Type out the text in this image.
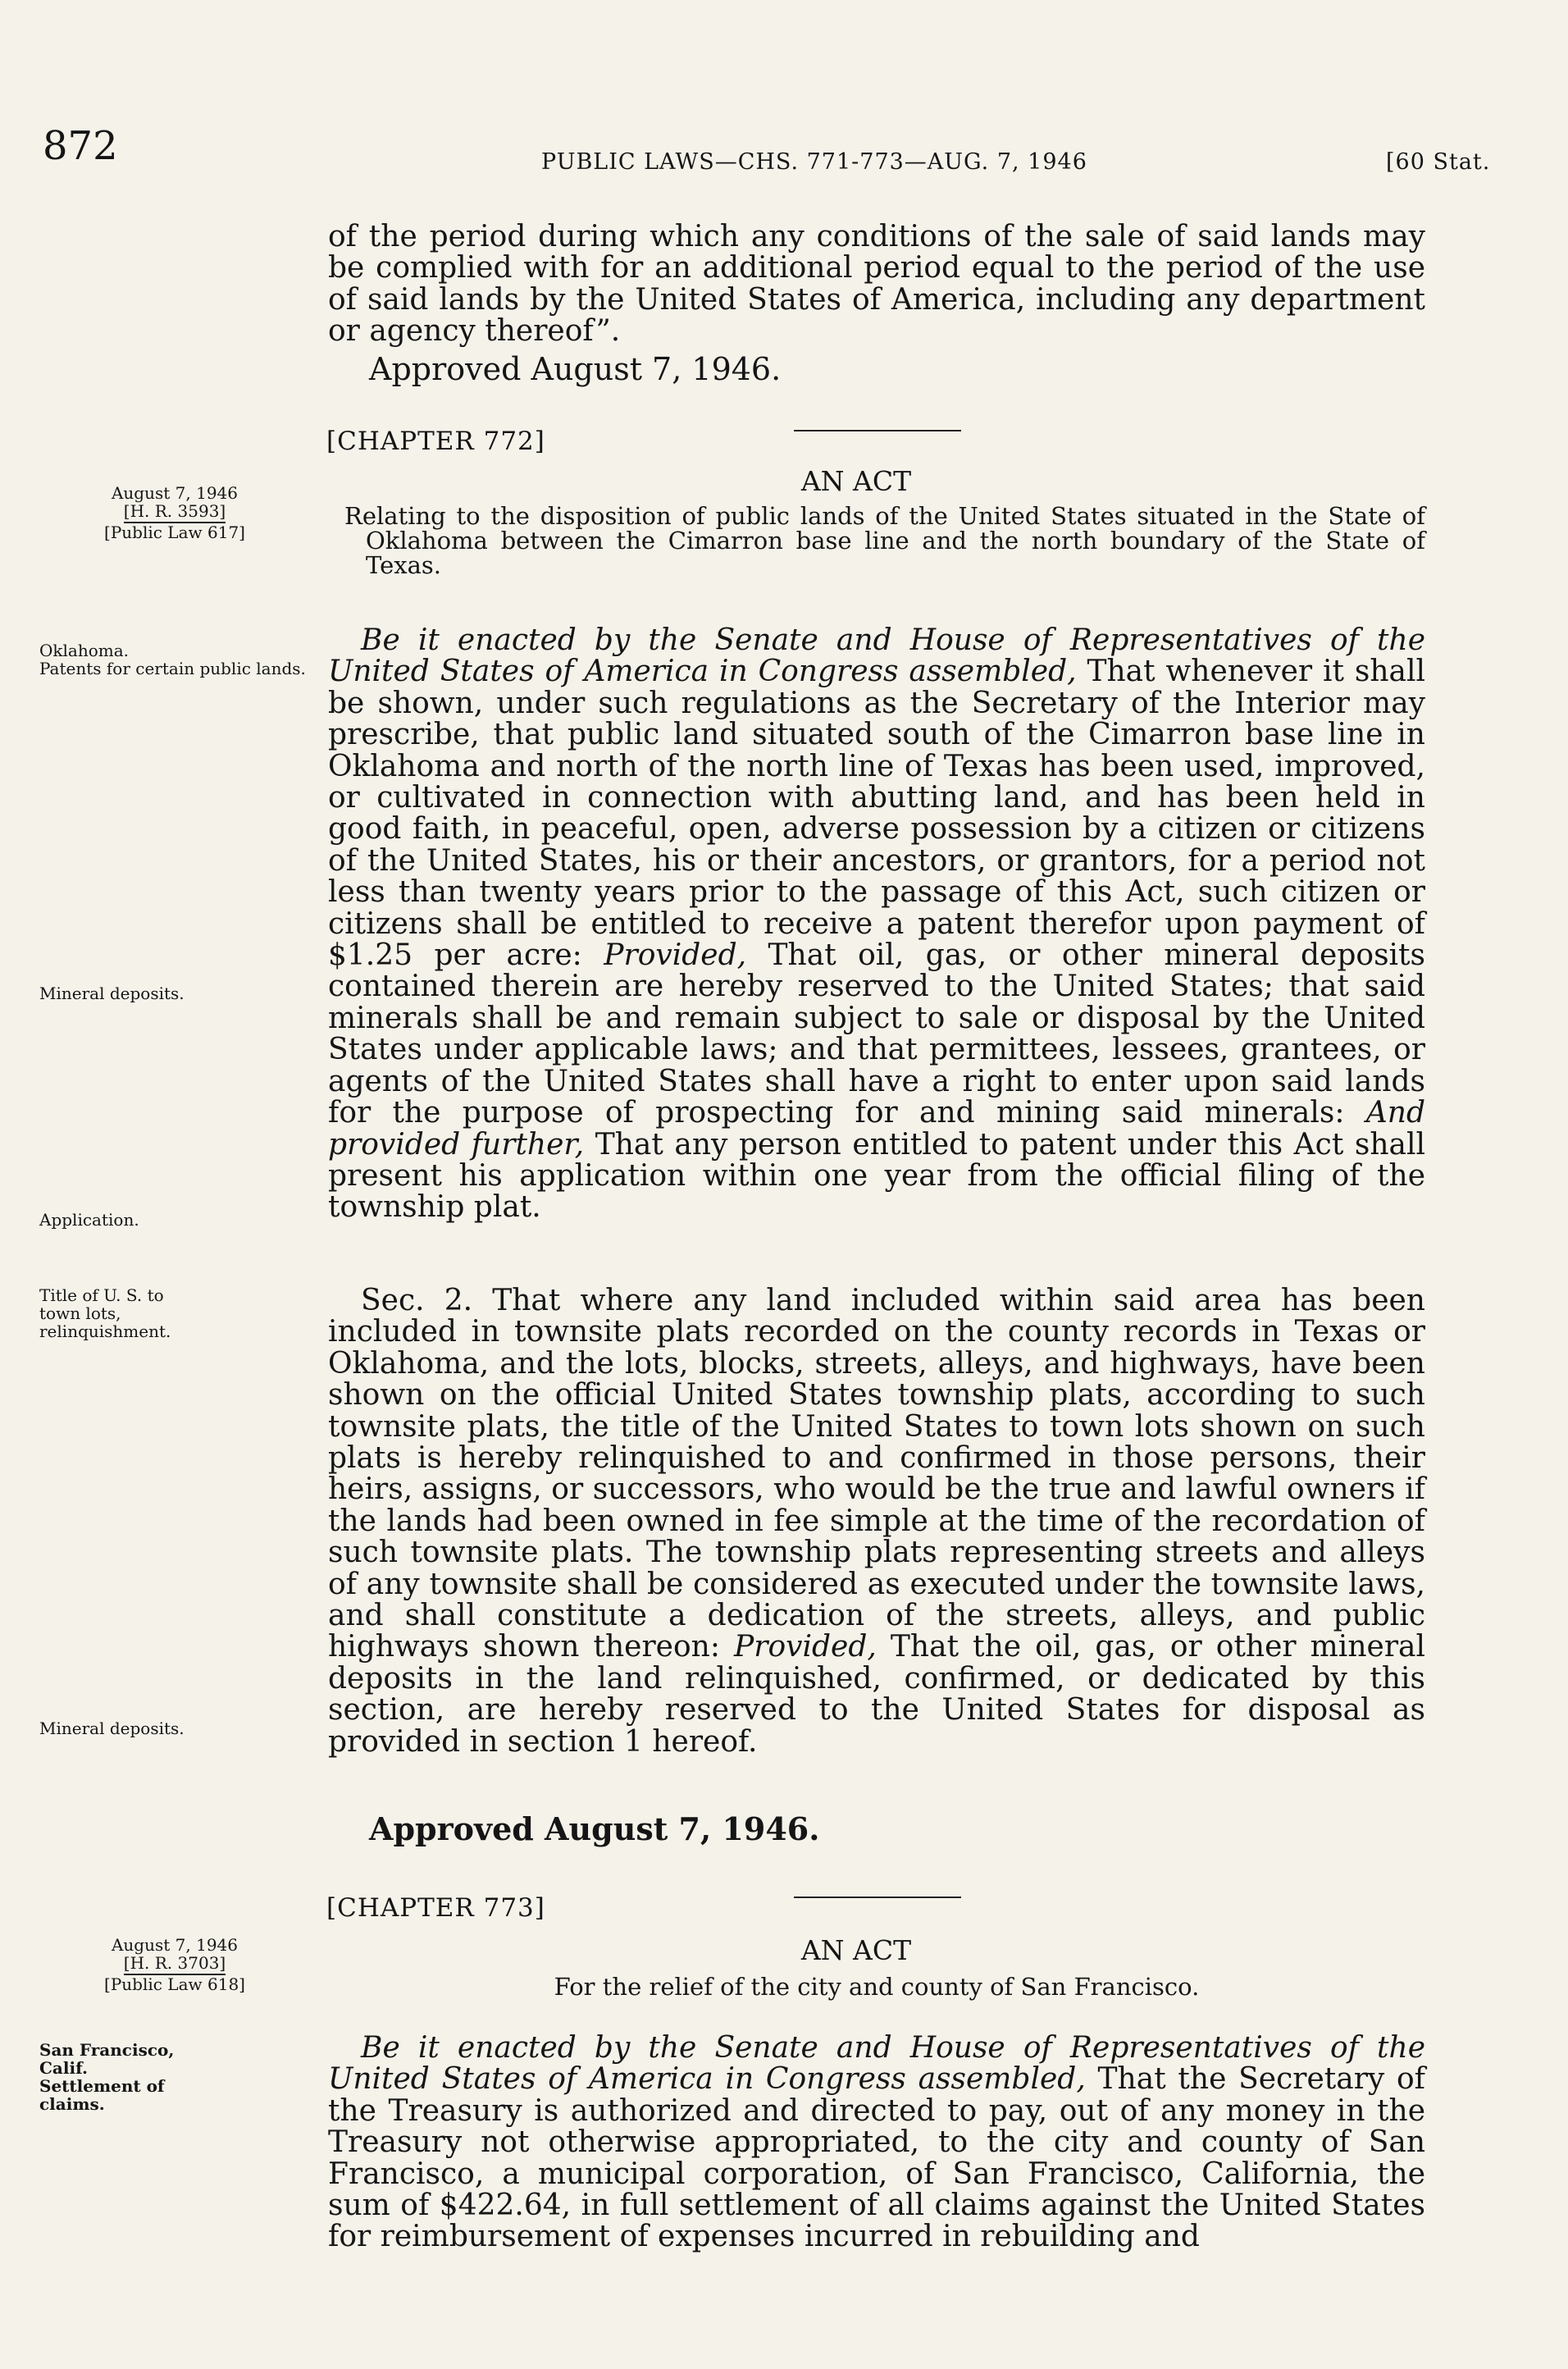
872	PUBLIC LAWS—CHS. 771-773—AUG. 7, 1946	[60 Stat.

of the period during which any conditions of the sale of said lands may be complied with for an additional period equal to the period of the use of said lands by the United States of America, including any department or agency thereof”.

Approved August 7, 1946.
[CHAPTER 772]
AN ACT

Relating to the disposition of public lands of the United States situated in the State of Oklahoma between the Cimarron base line and the north boundary of the State of Texas.

August 7, 1946
[H. R. 3593]
[Public Law 617]

Oklahoma.
Patents for certain public lands.

Mineral deposits.

Application.

Title of U. S. to town lots, relinquishment.

Mineral deposits.

Be it enacted by the Senate and House of Representatives of the United States of America in Congress assembled, That whenever it shall be shown, under such regulations as the Secretary of the Interior may prescribe, that public land situated south of the Cimarron base line in Oklahoma and north of the north line of Texas has been used, improved, or cultivated in connection with abutting land, and has been held in good faith, in peaceful, open, adverse possession by a citizen or citizens of the United States, his or their ancestors, or grantors, for a period not less than twenty years prior to the passage of this Act, such citizen or citizens shall be entitled to receive a patent therefor upon payment of $1.25 per acre: Provided, That oil, gas, or other mineral deposits contained therein are hereby reserved to the United States; that said minerals shall be and remain subject to sale or disposal by the United States under applicable laws; and that permittees, lessees, grantees, or agents of the United States shall have a right to enter upon said lands for the purpose of prospecting for and mining said minerals: And provided further, That any person entitled to patent under this Act shall present his application within one year from the official filing of the township plat.

Sec. 2. That where any land included within said area has been included in townsite plats recorded on the county records in Texas or Oklahoma, and the lots, blocks, streets, alleys, and highways, have been shown on the official United States township plats, according to such townsite plats, the title of the United States to town lots shown on such plats is hereby relinquished to and confirmed in those persons, their heirs, assigns, or successors, who would be the true and lawful owners if the lands had been owned in fee simple at the time of the recordation of such townsite plats. The township plats representing streets and alleys of any townsite shall be considered as executed under the townsite laws, and shall constitute a dedication of the streets, alleys, and public highways shown thereon: Provided, That the oil, gas, or other mineral deposits in the land relinquished, confirmed, or dedicated by this section, are hereby reserved to the United States for disposal as provided in section 1 hereof.

Approved August 7, 1946.
[CHAPTER 773]
AN ACT

For the relief of the city and county of San Francisco.

August 7, 1946
[H. R. 3703]
[Public Law 618]

San Francisco, Calif.
Settlement of claims.

Be it enacted by the Senate and House of Representatives of the United States of America in Congress assembled, That the Secretary of the Treasury is authorized and directed to pay, out of any money in the Treasury not otherwise appropriated, to the city and county of San Francisco, a municipal corporation, of San Francisco, California, the sum of $422.64, in full settlement of all claims against the United States for reimbursement of expenses incurred in rebuilding and
